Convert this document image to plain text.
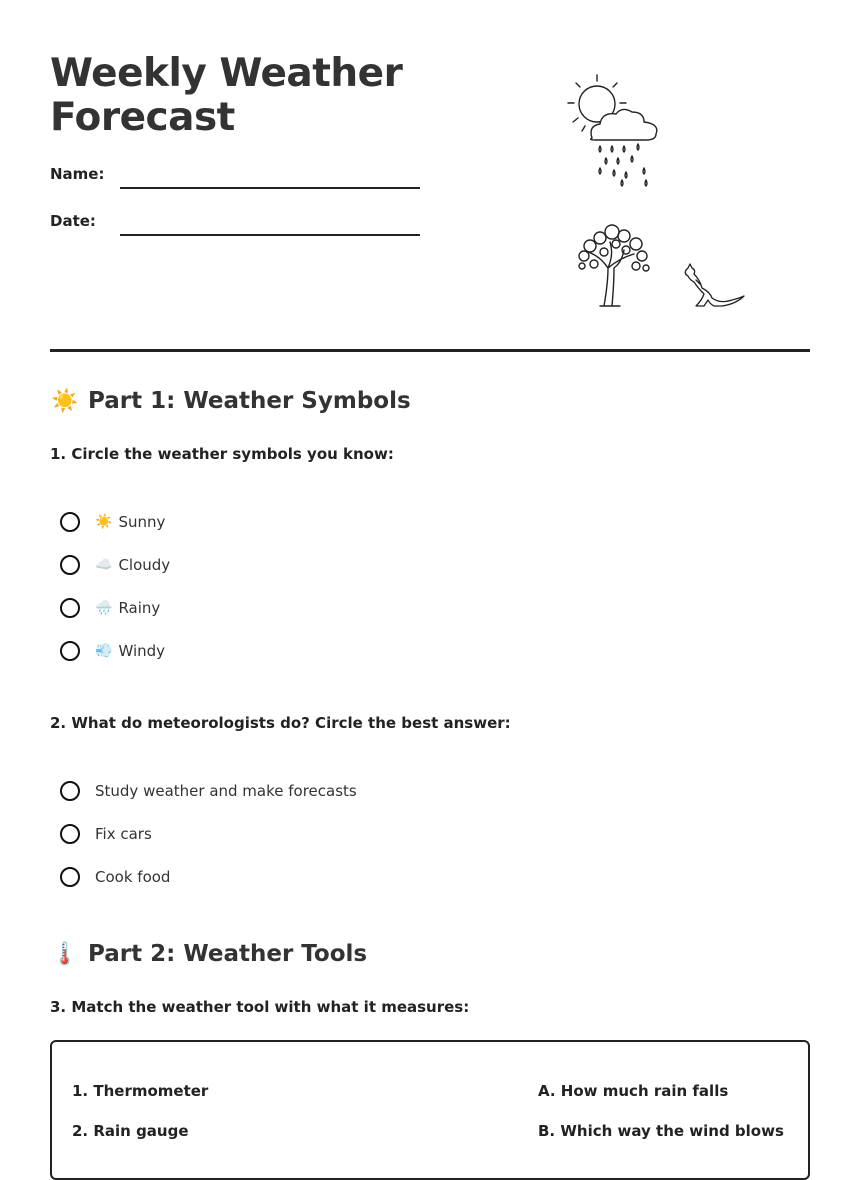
Weekly Weather Forecast
Name:
Date:
☀️ Part 1: Weather Symbols
1. Circle the weather symbols you know:
☀️ Sunny
☁️ Cloudy
🌧️ Rainy
💨 Windy
2. What do meteorologists do? Circle the best answer:
Study weather and make forecasts
Fix cars
Cook food
🌡️ Part 2: Weather Tools
3. Match the weather tool with what it measures:
1. Thermometer
2. Rain gauge
A. How much rain falls
B. Which way the wind blows
